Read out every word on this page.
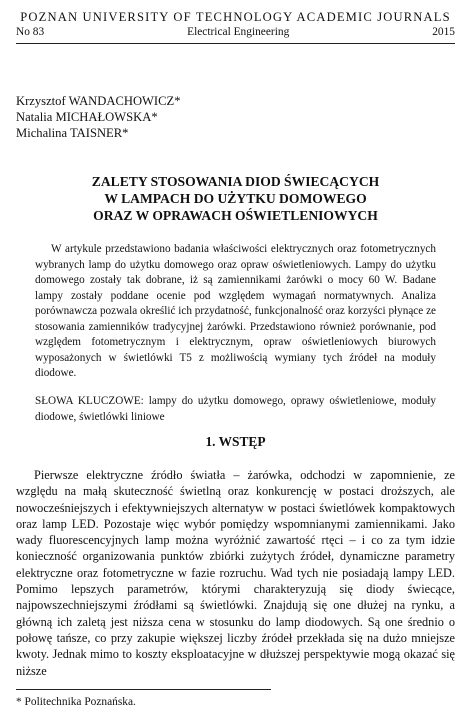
POZNAN UNIVERSITY OF TECHNOLOGY ACADEMIC JOURNALS
No 83	Electrical Engineering	2015
Krzysztof WANDACHOWICZ*
Natalia MICHAŁOWSKA*
Michalina TAISNER*
ZALETY STOSOWANIA DIOD ŚWIECĄCYCH
W LAMPACH DO UŻYTKU DOMOWEGO
ORAZ W OPRAWACH OŚWIETLENIOWYCH

W artykule przedstawiono badania właściwości elektrycznych oraz fotometrycznych wybranych lamp do użytku domowego oraz opraw oświetleniowych. Lampy do użytku domowego zostały tak dobrane, iż są zamiennikami żarówki o mocy 60 W. Badane lampy zostały poddane ocenie pod względem wymagań normatywnych. Analiza porównawcza pozwala określić ich przydatność, funkcjonalność oraz korzyści płynące ze stosowania zamienników tradycyjnej żarówki. Przedstawiono również porównanie, pod względem fotometrycznym i elektrycznym, opraw oświetleniowych biurowych wyposażonych w świetlówki T5 z możliwością wymiany tych źródeł na moduły diodowe.

SŁOWA KLUCZOWE: lampy do użytku domowego, oprawy oświetleniowe, moduły diodowe, świetlówki liniowe

1. WSTĘP

Pierwsze elektryczne źródło światła – żarówka, odchodzi w zapomnienie, ze względu na małą skuteczność świetlną oraz konkurencję w postaci droższych, ale nowocześniejszych i efektywniejszych alternatyw w postaci świetlówek kompaktowych oraz lamp LED. Pozostaje więc wybór pomiędzy wspomnianymi zamiennikami. Jako wady fluorescencyjnych lamp można wyróżnić zawartość rtęci – i co za tym idzie konieczność organizowania punktów zbiórki zużytych źródeł, dynamiczne parametry elektryczne oraz fotometryczne w fazie rozruchu. Wad tych nie posiadają lampy LED. Pomimo lepszych parametrów, którymi charakteryzują się diody świecące, najpowszechniejszymi źródłami są świetlówki. Znajdują się one dłużej na rynku, a główną ich zaletą jest niższa cena w stosunku do lamp diodowych. Są one średnio o połowę tańsze, co przy zakupie większej liczby źródeł przekłada się na dużo mniejsze kwoty. Jednak mimo to koszty eksploatacyjne w dłuższej perspektywie mogą okazać się niższe

* Politechnika Poznańska.
